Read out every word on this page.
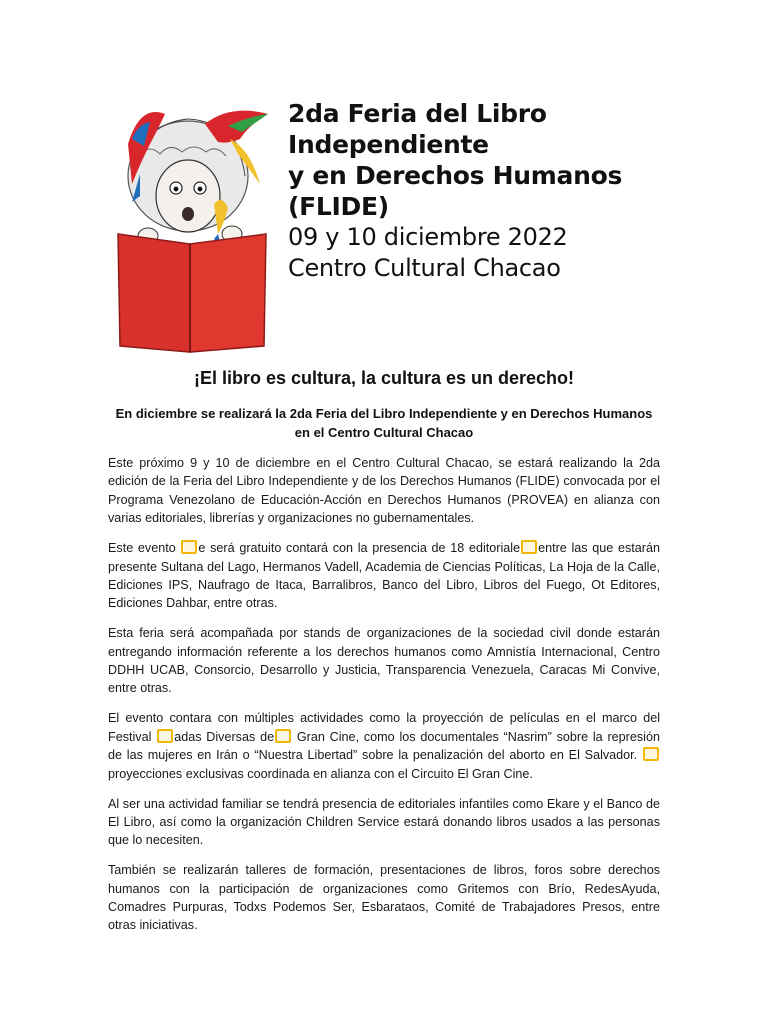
2da Feria del Libro
Independiente
y en Derechos Humanos
(FLIDE)
09 y 10 diciembre 2022
Centro Cultural Chacao
¡El libro es cultura, la cultura es un derecho!
En diciembre se realizará la 2da Feria del Libro Independiente y en Derechos Humanos en el Centro Cultural Chacao

Este próximo 9 y 10 de diciembre en el Centro Cultural Chacao, se estará realizando la 2da edición de la Feria del Libro Independiente y de los Derechos Humanos (FLIDE) convocada por el Programa Venezolano de Educación-Acción en Derechos Humanos (PROVEA) en alianza con varias editoriales, librerías y organizaciones no gubernamentales.

Este evento e será gratuito contará con la presencia de 18 editoriale entre las que estarán presente Sultana del Lago, Hermanos Vadell, Academia de Ciencias Políticas, La Hoja de la Calle, Ediciones IPS, Naufrago de Itaca, Barralibros, Banco del Libro, Libros del Fuego, Ot Editores, Ediciones Dahbar, entre otras.

Esta feria será acompañada por stands de organizaciones de la sociedad civil donde estarán entregando información referente a los derechos humanos como Amnistía Internacional, Centro DDHH UCAB, Consorcio, Desarrollo y Justicia, Transparencia Venezuela, Caracas Mi Convive, entre otras.

El evento contara con múltiples actividades como la proyección de películas en el marco del Festival adas Diversas de Gran Cine, como los documentales “Nasrim” sobre la represión de las mujeres en Irán o “Nuestra Libertad” sobre la penalización del aborto en El Salvador.  proyecciones exclusivas coordinada en alianza con el Circuito El Gran Cine.

Al ser una actividad familiar se tendrá presencia de editoriales infantiles como Ekare y el Banco de El Libro, así como la organización Children Service estará donando libros usados a las personas que lo necesiten.

También se realizarán talleres de formación, presentaciones de libros, foros sobre derechos humanos con la participación de organizaciones como Gritemos con Brío, RedesAyuda, Comadres Purpuras, Todxs Podemos Ser, Esbarataos, Comité de Trabajadores Presos, entre otras iniciativas.
